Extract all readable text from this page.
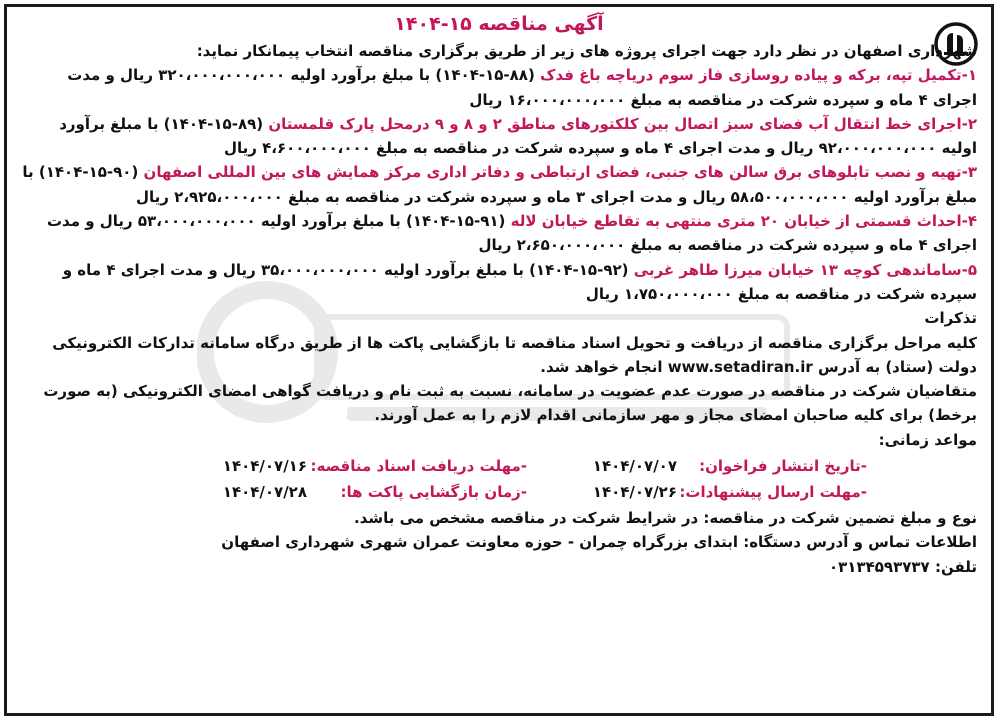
آگهی مناقصه ۱۵-۱۴۰۴
شهرداری اصفهان در نظر دارد جهت اجرای پروژه های زیر از طریق برگزاری مناقصه انتخاب پیمانکار نماید:
۱-تکمیل تپه، برکه و پیاده روسازی فاز سوم دریاچه باغ فدک (۸۸-۱۵-۱۴۰۴) با مبلغ برآورد اولیه ۳۲۰،۰۰۰،۰۰۰،۰۰۰ ریال و مدت اجرای ۴ ماه و سپرده شرکت در مناقصه به مبلغ ۱۶،۰۰۰،۰۰۰،۰۰۰ ریال
۲-اجرای خط انتقال آب فضای سبز اتصال بین کلکتورهای مناطق ۲ و ۸ و ۹ درمحل پارک قلمستان (۸۹-۱۵-۱۴۰۴) با مبلغ برآورد اولیه ۹۲،۰۰۰،۰۰۰،۰۰۰ ریال و مدت اجرای ۴ ماه و سپرده شرکت در مناقصه به مبلغ ۴،۶۰۰،۰۰۰،۰۰۰ ریال
۳-تهیه و نصب تابلوهای برق سالن های جنبی، فضای ارتباطی و دفاتر اداری مرکز همایش های بین المللی اصفهان (۹۰-۱۵-۱۴۰۴) با مبلغ برآورد اولیه ۵۸،۵۰۰،۰۰۰،۰۰۰ ریال و مدت اجرای ۳ ماه و سپرده شرکت در مناقصه به مبلغ ۲،۹۲۵،۰۰۰،۰۰۰ ریال
۴-احداث قسمتی از خیابان ۲۰ متری منتهی به تقاطع خیابان لاله (۹۱-۱۵-۱۴۰۴) با مبلغ برآورد اولیه ۵۳،۰۰۰،۰۰۰،۰۰۰ ریال و مدت اجرای ۴ ماه و سپرده شرکت در مناقصه به مبلغ ۲،۶۵۰،۰۰۰،۰۰۰ ریال
۵-ساماندهی کوچه ۱۳ خیابان میرزا طاهر غربی (۹۲-۱۵-۱۴۰۴) با مبلغ برآورد اولیه ۳۵،۰۰۰،۰۰۰،۰۰۰ ریال و مدت اجرای ۴ ماه و سپرده شرکت در مناقصه به مبلغ ۱،۷۵۰،۰۰۰،۰۰۰ ریال
تذکرات
کلیه مراحل برگزاری مناقصه از دریافت و تحویل اسناد مناقصه تا بازگشایی پاکت ها از طریق درگاه سامانه تدارکات الکترونیکی دولت (ستاد) به آدرس www.setadiran.ir انجام خواهد شد.
متقاضیان شرکت در مناقصه در صورت عدم عضویت در سامانه، نسبت به ثبت نام و دریافت گواهی امضای الکترونیکی (به صورت برخط) برای کلیه صاحبان امضای مجاز و مهر سازمانی اقدام لازم را به عمل آورند.
مواعد زمانی:
-تاریخ انتشار فراخوان:
۱۴۰۴/۰۷/۰۷
-مهلت دریافت اسناد مناقصه:
۱۴۰۴/۰۷/۱۶
-مهلت ارسال پیشنهادات:
۱۴۰۴/۰۷/۲۶
-زمان بازگشایی پاکت ها:
۱۴۰۴/۰۷/۲۸
نوع و مبلغ تضمین شرکت در مناقصه: در شرایط شرکت در مناقصه مشخص می باشد.
اطلاعات تماس و آدرس دستگاه: ابتدای بزرگراه چمران - حوزه معاونت عمران شهری شهرداری اصفهان
تلفن: ۰۳۱۳۴۵۹۳۷۳۷
